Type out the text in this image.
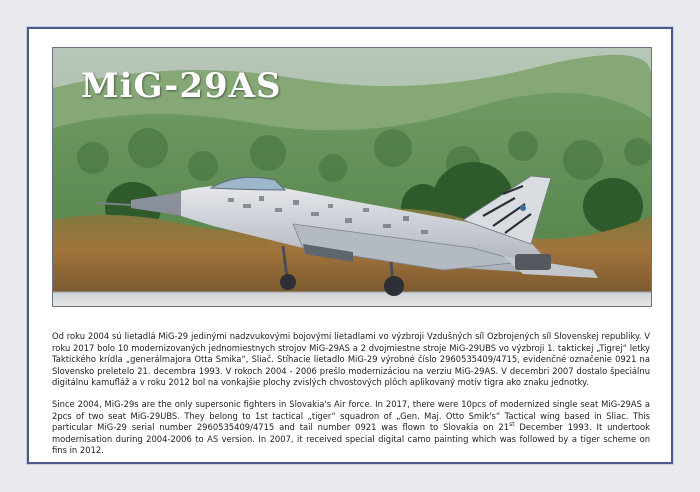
MiG-29AS

Od roku 2004 sú lietadlá MiG-29 jedinými nadzvukovými bojovými lietadlami vo výzbroji Vzdušných síl Ozbrojených síl Slovenskej republiky. V roku 2017 bolo 10 modernizovaných jednomiestnych strojov MiG-29AS a 2 dvojmiestne stroje MiG-29UBS vo výzbroji 1. taktickej „Tigrej“ letky Taktického krídla „generálmajora Otta Smika“, Sliač. Stíhacie lietadlo MiG-29 výrobné číslo 2960535409/4715, evidenčné označenie 0921 na Slovensko preletelo 21. decembra 1993. V rokoch 2004 - 2006 prešlo modernizáciou na verziu MiG-29AS. V decembri 2007 dostalo špeciálnu digitálnu kamufláž a v roku 2012 bol na vonkajšie plochy zvislých chvostových plôch aplikovaný motív tigra ako znaku jednotky.

Since 2004, MiG-29s are the only supersonic fighters in Slovakia's Air force. In 2017, there were 10pcs of modernized single seat MiG-29AS a 2pcs of two seat MiG-29UBS. They belong to 1st tactical „tiger“ squadron of „Gen. Maj. Otto Smik's“ Tactical wing based in Sliac. This particular MiG-29 serial number 2960535409/4715 and tail number 0921 was flown to Slovakia on 21st December 1993. It undertook modernisation during 2004-2006 to AS version. In 2007, it received special digital camo painting which was followed by a tiger scheme on fins in 2012.
